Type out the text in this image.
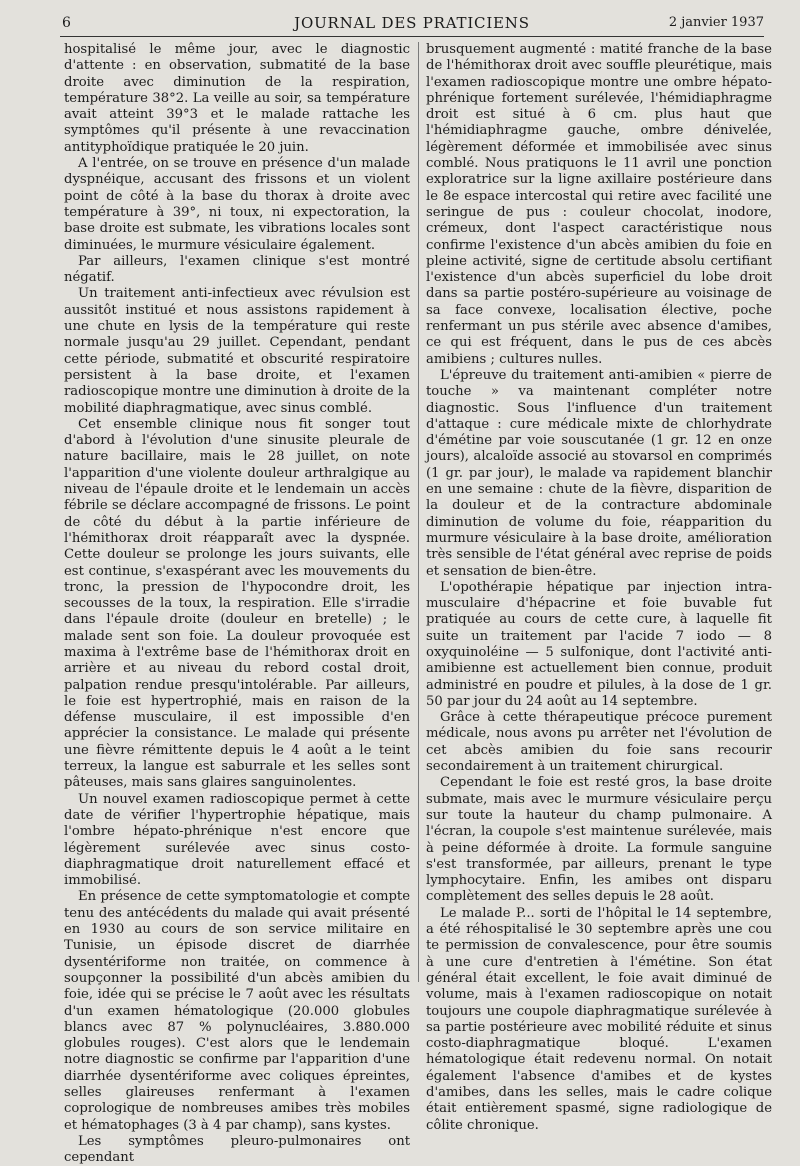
6	JOURNAL DES PRATICIENS	2 janvier 1937

hospitalisé le même jour, avec le diagnostic d'attente : en observation, submatité de la base droite avec diminution de la respiration, température 38°2. La veille au soir, sa température avait atteint 39°3 et le malade rattache les symptômes qu'il présente à une revaccination antityphoïdique pratiquée le 20 juin.

A l'entrée, on se trouve en présence d'un malade dyspnéique, accusant des frissons et un violent point de côté à la base du thorax à droite avec température à 39°, ni toux, ni expectoration, la base droite est submate, les vibrations locales sont diminuées, le murmure vésiculaire également.

Par ailleurs, l'examen clinique s'est montré négatif.

Un traitement anti-infectieux avec révulsion est aussitôt institué et nous assistons rapidement à une chute en lysis de la température qui reste normale jusqu'au 29 juillet. Cependant, pendant cette période, submatité et obscurité respiratoire persistent à la base droite, et l'examen radioscopique montre une diminution à droite de la mobilité diaphragmatique, avec sinus comblé.

Cet ensemble clinique nous fit songer tout d'abord à l'évolution d'une sinusite pleurale de nature bacillaire, mais le 28 juillet, on note l'apparition d'une violente douleur arthralgique au niveau de l'épaule droite et le lendemain un accès fébrile se déclare accompagné de frissons. Le point de côté du début à la partie inférieure de l'hémithorax droit réapparaît avec la dyspnée. Cette douleur se prolonge les jours suivants, elle est continue, s'exaspérant avec les mouvements du tronc, la pression de l'hypocondre droit, les secousses de la toux, la respiration. Elle s'irradie dans l'épaule droite (douleur en bretelle) ; le malade sent son foie. La douleur provoquée est maxima à l'extrême base de l'hémithorax droit en arrière et au niveau du rebord costal droit, palpation rendue presqu'intolérable. Par ailleurs, le foie est hypertrophié, mais en raison de la défense musculaire, il est impossible d'en apprécier la consistance. Le malade qui présente une fièvre rémittente depuis le 4 août a le teint terreux, la langue est saburrale et les selles sont pâteuses, mais sans glaires sanguinolentes.

Un nouvel examen radioscopique permet à cette date de vérifier l'hypertrophie hépatique, mais l'ombre hépato-phrénique n'est encore que légèrement surélevée avec sinus costo-diaphragmatique droit naturellement effacé et immobilisé.

En présence de cette symptomatologie et compte tenu des antécédents du malade qui avait présenté en 1930 au cours de son service militaire en Tunisie, un épisode discret de diarrhée dysentériforme non traitée, on commence à soupçonner la possibilité d'un abcès amibien du foie, idée qui se précise le 7 août avec les résultats d'un examen hématologique (20.000 globules blancs avec 87 % polynucléaires, 3.880.000 globules rouges). C'est alors que le lendemain notre diagnostic se confirme par l'apparition d'une diarrhée dysentériforme avec coliques épreintes, selles glaireuses renfermant à l'examen coprologique de nombreuses amibes très mobiles et hématophages (3 à 4 par champ), sans kystes.

Les symptômes pleuro-pulmonaires ont cependant

brusquement augmenté : matité franche de la base de l'hémithorax droit avec souffle pleurétique, mais l'examen radioscopique montre une ombre hépato-phrénique fortement surélevée, l'hémidiaphragme droit est situé à 6 cm. plus haut que l'hémidiaphragme gauche, ombre dénivelée, légèrement déformée et immobilisée avec sinus comblé. Nous pratiquons le 11 avril une ponction exploratrice sur la ligne axillaire postérieure dans le 8e espace intercostal qui retire avec facilité une seringue de pus : couleur chocolat, inodore, crémeux, dont l'aspect caractéristique nous confirme l'existence d'un abcès amibien du foie en pleine activité, signe de certitude absolu certifiant l'existence d'un abcès superficiel du lobe droit dans sa partie postéro-supérieure au voisinage de sa face convexe, localisation élective, poche renfermant un pus stérile avec absence d'amibes, ce qui est fréquent, dans le pus de ces abcès amibiens ; cultures nulles.

L'épreuve du traitement anti-amibien « pierre de touche » va maintenant compléter notre diagnostic. Sous l'influence d'un traitement d'attaque : cure médicale mixte de chlorhydrate d'émétine par voie souscutanée (1 gr. 12 en onze jours), alcaloïde associé au stovarsol en comprimés (1 gr. par jour), le malade va rapidement blanchir en une semaine : chute de la fièvre, disparition de la douleur et de la contracture abdominale diminution de volume du foie, réapparition du murmure vésiculaire à la base droite, amélioration très sensible de l'état général avec reprise de poids et sensation de bien-être.

L'opothérapie hépatique par injection intra-musculaire d'hépacrine et foie buvable fut pratiquée au cours de cette cure, à laquelle fit suite un traitement par l'acide 7 iodo — 8 oxyquinoléine — 5 sulfonique, dont l'activité anti-amibienne est actuellement bien connue, produit administré en poudre et pilules, à la dose de 1 gr. 50 par jour du 24 août au 14 septembre.

Grâce à cette thérapeutique précoce purement médicale, nous avons pu arrêter net l'évolution de cet abcès amibien du foie sans recourir secondairement à un traitement chirurgical.

Cependant le foie est resté gros, la base droite submate, mais avec le murmure vésiculaire perçu sur toute la hauteur du champ pulmonaire. A l'écran, la coupole s'est maintenue surélevée, mais à peine déformée à droite. La formule sanguine s'est transformée, par ailleurs, prenant le type lymphocytaire. Enfin, les amibes ont disparu complètement des selles depuis le 28 août.

Le malade P... sorti de l'hôpital le 14 septembre, a été réhospitalisé le 30 septembre après une cou te permission de convalescence, pour être soumis à une cure d'entretien à l'émétine. Son état général était excellent, le foie avait diminué de volume, mais à l'examen radioscopique on notait toujours une coupole diaphragmatique surélevée à sa partie postérieure avec mobilité réduite et sinus costo-diaphragmatique bloqué. L'examen hématologique était redevenu normal. On notait également l'absence d'amibes et de kystes d'amibes, dans les selles, mais le cadre colique était entièrement spasmé, signe radiologique de côlite chronique.
